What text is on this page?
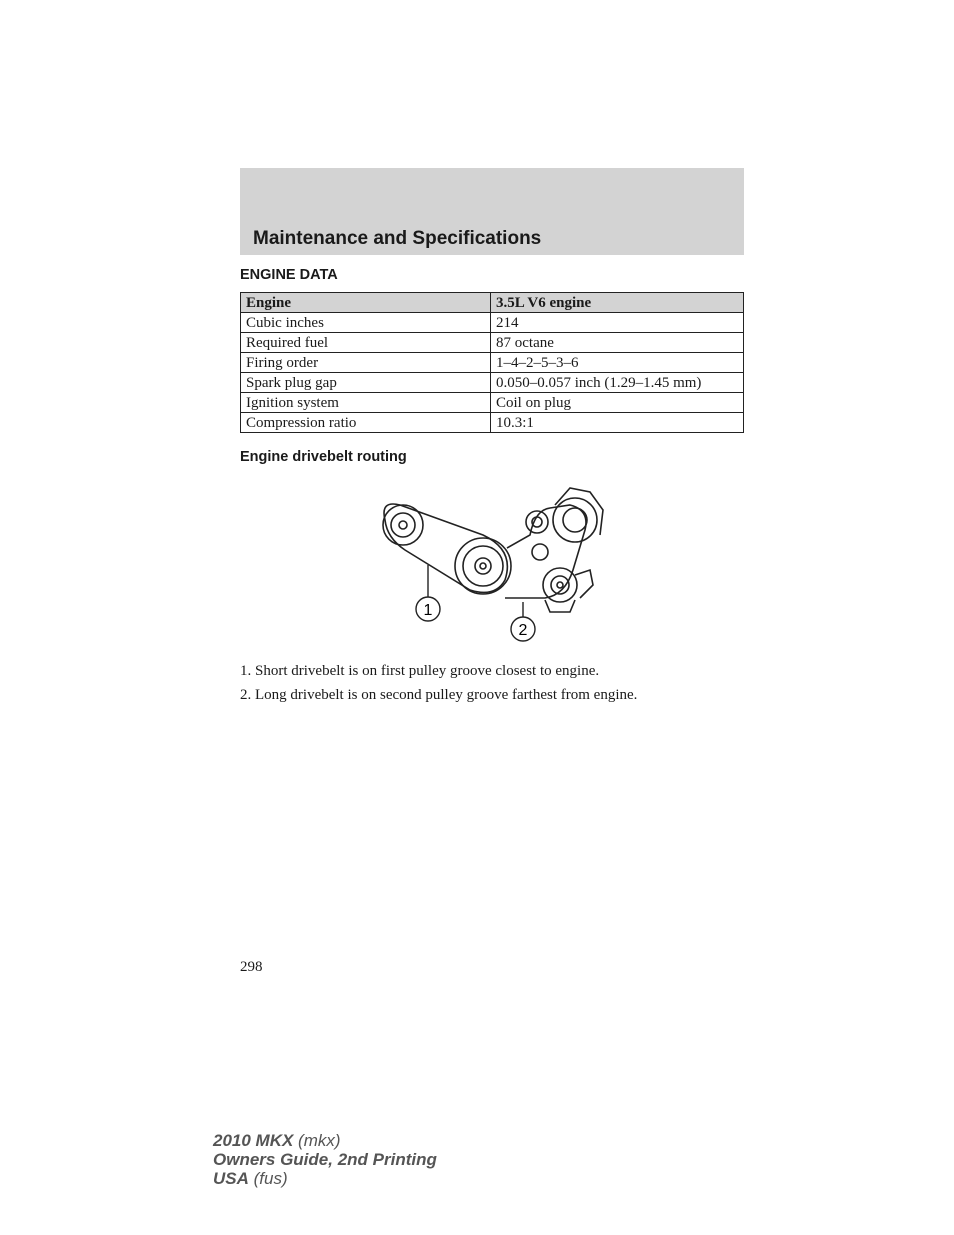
Maintenance and Specifications
ENGINE DATA
Engine	3.5L V6 engine
Cubic inches	214
Required fuel	87 octane
Firing order	1–4–2–5–3–6
Spark plug gap	0.050–0.057 inch (1.29–1.45 mm)
Ignition system	Coil on plug
Compression ratio	10.3:1
Engine drivebelt routing
1
2
1. Short drivebelt is on first pulley groove closest to engine.
2. Long drivebelt is on second pulley groove farthest from engine.
298
2010 MKX (mkx)
Owners Guide, 2nd Printing
USA (fus)
